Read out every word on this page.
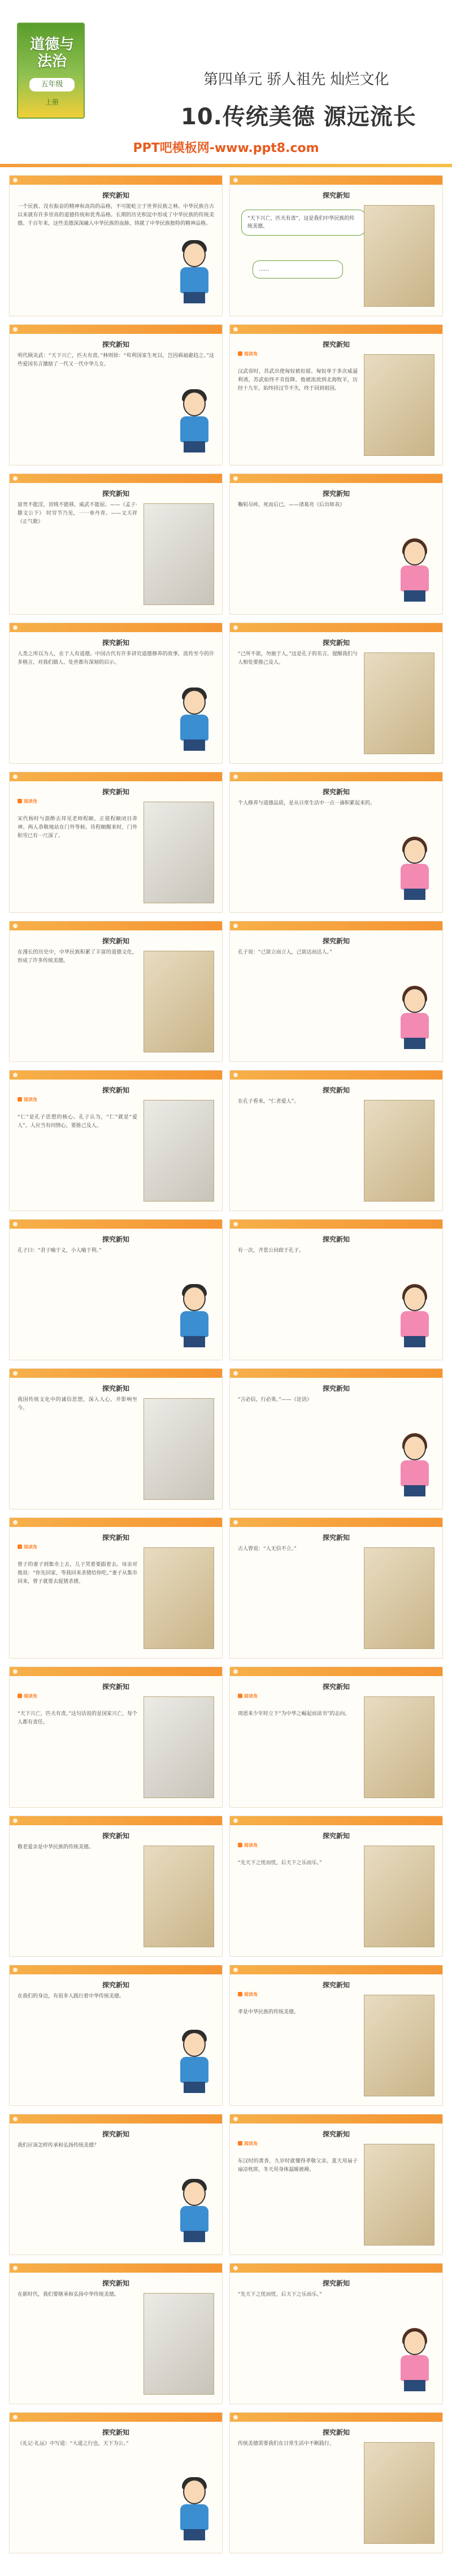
道德与法治
五年级
上册
第四单元 骄人祖先 灿烂文化
10.传统美德 源远流长
PPT吧模板网-www.ppt8.com
探究新知
一个民族、没有振奋的精神和高尚的品格，不可能屹立于世界民族之林。中华民族自古以来就有许多崇高的道德传统和优秀品格。长期的历史积淀中形成了中华民族的传统美德。千百年来，这些美德深深融入中华民族的血脉，铸就了中华民族独特的精神品格。
探究新知
“天下兴亡，匹夫有责”，这是我们中华民族的传统美德。
……
探究新知
明代顾炎武：“天下兴亡，匹夫有责。”林则徐：“苟利国家生死以，岂因祸福避趋之。”这些爱国名言激励了一代又一代中华儿女。
探究新知
阅读角
汉武帝时，苏武出使匈奴被扣留。匈奴单于多次威逼利诱，苏武始终不肯投降。他被流放到北海牧羊，历经十九年，始终持汉节不失，终于回到祖国。
探究新知
富贵不能淫，贫贱不能移，威武不能屈。——《孟子·滕文公下》 时穷节乃见，一一垂丹青。——文天祥《正气歌》
探究新知
鞠躬尽瘁，死而后已。——诸葛亮《后出师表》
探究新知
人类之所以为人，在于人有道德。中国古代有许多讲究道德修养的故事，流传至今的许多格言，对我们做人、处世都有深刻的启示。
探究新知
“己所不欲，勿施于人。”这是孔子的名言，提醒我们与人相处要推己及人。
探究新知
阅读角
宋代杨时与游酢去拜见老师程颐，正值程颐闭目养神。两人恭敬地站在门外等候。待程颐醒来时，门外积雪已有一尺深了。
探究新知
个人修养与道德品质，是从日常生活中一点一滴积累起来的。
探究新知
在漫长的历史中，中华民族积累了丰富的道德文化，形成了许多传统美德。
探究新知
孔子说：“己欲立而立人，己欲达而达人。”
探究新知
阅读角
“仁”是孔子思想的核心。孔子认为，“仁”就是“爱人”。人应当有同情心，要推己及人。
探究新知
在孔子看来，“仁者爱人”。
探究新知
孔子曰：“君子喻于义，小人喻于利。”
探究新知
有一次，齐景公问政于孔子。
探究新知
我国传统文化中的诚信思想，深入人心，并影响至今。
探究新知
“言必信，行必果。”——《论语》
探究新知
阅读角
曾子的妻子到集市上去，儿子哭着要跟着去。母亲对他说：“你先回家，等我回来杀猪给你吃。”妻子从集市回来，曾子就要去捉猪杀猪。
探究新知
古人曾说：“人无信不立。”
探究新知
阅读角
“天下兴亡，匹夫有责。”这句话说的是国家兴亡，每个人都有责任。
探究新知
阅读角
周恩来少年时立下“为中华之崛起而读书”的志向。
探究新知
敬老爱亲是中华民族的传统美德。
探究新知
阅读角
“先天下之忧而忧，后天下之乐而乐。”
探究新知
在我们的身边，有很多人践行着中华传统美德。
探究新知
阅读角
孝是中华民族的传统美德。
探究新知
我们应该怎样传承和弘扬传统美德？
探究新知
阅读角
东汉时的黄香，九岁时就懂得孝敬父亲。夏天用扇子扇凉枕席，冬天用身体温暖被褥。
探究新知
在新时代，我们要继承和弘扬中华传统美德。
探究新知
“先天下之忧而忧，后天下之乐而乐。”
探究新知
《礼记·礼运》中写道：“大道之行也，天下为公。”
探究新知
传统美德需要我们在日常生活中不断践行。
